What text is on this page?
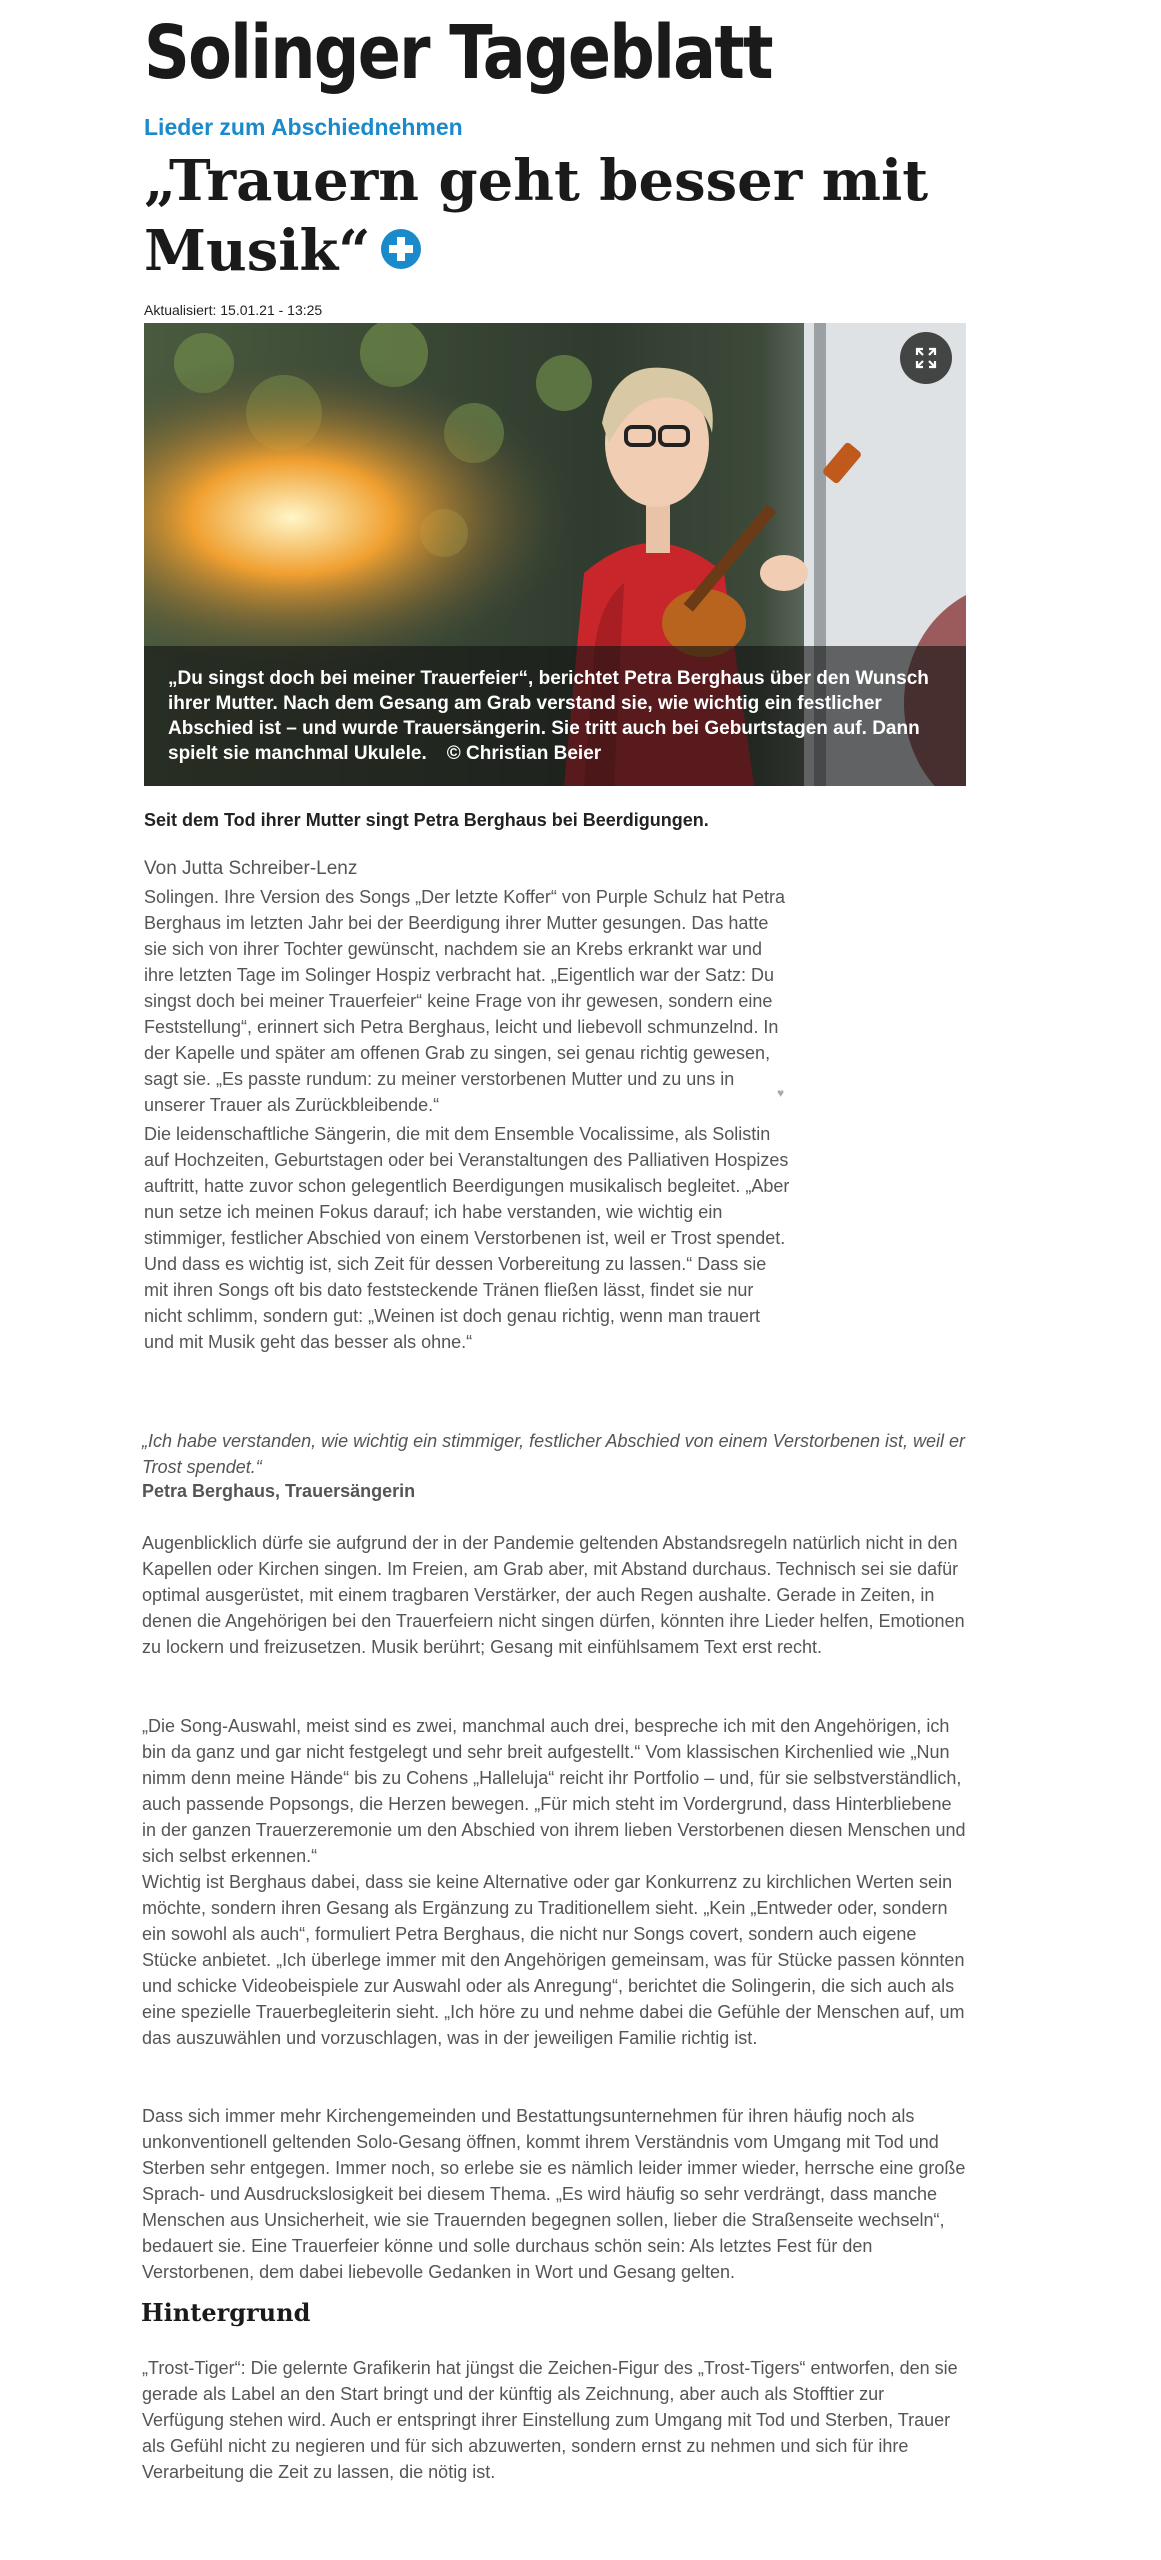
Solinger Tageblatt
Lieder zum Abschiednehmen
„Trauern geht besser mit Musik“
Aktualisiert: 15.01.21 - 13:25
„Du singst doch bei meiner Trauerfeier“, berichtet Petra Berghaus über den Wunsch ihrer Mutter. Nach dem Gesang am Grab verstand sie, wie wichtig ein festlicher Abschied ist – und wurde Trauersängerin. Sie tritt auch bei Geburtstagen auf. Dann spielt sie manchmal Ukulele. © Christian Beier
Seit dem Tod ihrer Mutter singt Petra Berghaus bei Beerdigungen.
Von Jutta Schreiber-Lenz

Solingen. Ihre Version des Songs „Der letzte Koffer“ von Purple Schulz hat Petra Berghaus im letzten Jahr bei der Beerdigung ihrer Mutter gesungen. Das hatte sie sich von ihrer Tochter gewünscht, nachdem sie an Krebs erkrankt war und ihre letzten Tage im Solinger Hospiz verbracht hat. „Eigentlich war der Satz: Du singst doch bei meiner Trauerfeier“ keine Frage von ihr gewesen, sondern eine Feststellung“, erinnert sich Petra Berghaus, leicht und liebevoll schmunzelnd. In der Kapelle und später am offenen Grab zu singen, sei genau richtig gewesen, sagt sie. „Es passte rundum: zu meiner verstorbenen Mutter und zu uns in unserer Trauer als Zurückbleibende.“

♥

Die leidenschaftliche Sängerin, die mit dem Ensemble Vocalissime, als Solistin auf Hochzeiten, Geburtstagen oder bei Veranstaltungen des Palliativen Hospizes auftritt, hatte zuvor schon gelegentlich Beerdigungen musikalisch begleitet. „Aber nun setze ich meinen Fokus darauf; ich habe verstanden, wie wichtig ein stimmiger, festlicher Abschied von einem Verstorbenen ist, weil er Trost spendet. Und dass es wichtig ist, sich Zeit für dessen Vorbereitung zu lassen.“ Dass sie mit ihren Songs oft bis dato feststeckende Tränen fließen lässt, findet sie nur nicht schlimm, sondern gut: „Weinen ist doch genau richtig, wenn man trauert und mit Musik geht das besser als ohne.“

„Ich habe verstanden, wie wichtig ein stimmiger, festlicher Abschied von einem Verstorbenen ist, weil er Trost spendet.“
Petra Berghaus, Trauersängerin

Augenblicklich dürfe sie aufgrund der in der Pandemie geltenden Abstandsregeln natürlich nicht in den Kapellen oder Kirchen singen. Im Freien, am Grab aber, mit Abstand durchaus. Technisch sei sie dafür optimal ausgerüstet, mit einem tragbaren Verstärker, der auch Regen aushalte. Gerade in Zeiten, in denen die Angehörigen bei den Trauerfeiern nicht singen dürfen, könnten ihre Lieder helfen, Emotionen zu lockern und freizusetzen. Musik berührt; Gesang mit einfühlsamem Text erst recht.

„Die Song-Auswahl, meist sind es zwei, manchmal auch drei, bespreche ich mit den Angehörigen, ich bin da ganz und gar nicht festgelegt und sehr breit aufgestellt.“ Vom klassischen Kirchenlied wie „Nun nimm denn meine Hände“ bis zu Cohens „Halleluja“ reicht ihr Portfolio – und, für sie selbstverständlich, auch passende Popsongs, die Herzen bewegen. „Für mich steht im Vordergrund, dass Hinterbliebene in der ganzen Trauerzeremonie um den Abschied von ihrem lieben Verstorbenen diesen Menschen und sich selbst erkennen.“

Wichtig ist Berghaus dabei, dass sie keine Alternative oder gar Konkurrenz zu kirchlichen Werten sein möchte, sondern ihren Gesang als Ergänzung zu Traditionellem sieht. „Kein „Entweder oder, sondern ein sowohl als auch“, formuliert Petra Berghaus, die nicht nur Songs covert, sondern auch eigene Stücke anbietet. „Ich überlege immer mit den Angehörigen gemeinsam, was für Stücke passen könnten und schicke Videobeispiele zur Auswahl oder als Anregung“, berichtet die Solingerin, die sich auch als eine spezielle Trauerbegleiterin sieht. „Ich höre zu und nehme dabei die Gefühle der Menschen auf, um das auszuwählen und vorzuschlagen, was in der jeweiligen Familie richtig ist.

Dass sich immer mehr Kirchengemeinden und Bestattungsunternehmen für ihren häufig noch als unkonventionell geltenden Solo-Gesang öffnen, kommt ihrem Verständnis vom Umgang mit Tod und Sterben sehr entgegen. Immer noch, so erlebe sie es nämlich leider immer wieder, herrsche eine große Sprach- und Ausdruckslosigkeit bei diesem Thema. „Es wird häufig so sehr verdrängt, dass manche Menschen aus Unsicherheit, wie sie Trauernden begegnen sollen, lieber die Straßenseite wechseln“, bedauert sie. Eine Trauerfeier könne und solle durchaus schön sein: Als letztes Fest für den Verstorbenen, dem dabei liebevolle Gedanken in Wort und Gesang gelten.

Hintergrund

„Trost-Tiger“: Die gelernte Grafikerin hat jüngst die Zeichen-Figur des „Trost-Tigers“ entworfen, den sie gerade als Label an den Start bringt und der künftig als Zeichnung, aber auch als Stofftier zur Verfügung stehen wird. Auch er entspringt ihrer Einstellung zum Umgang mit Tod und Sterben, Trauer als Gefühl nicht zu negieren und für sich abzuwerten, sondern ernst zu nehmen und sich für ihre Verarbeitung die Zeit zu lassen, die nötig ist.
